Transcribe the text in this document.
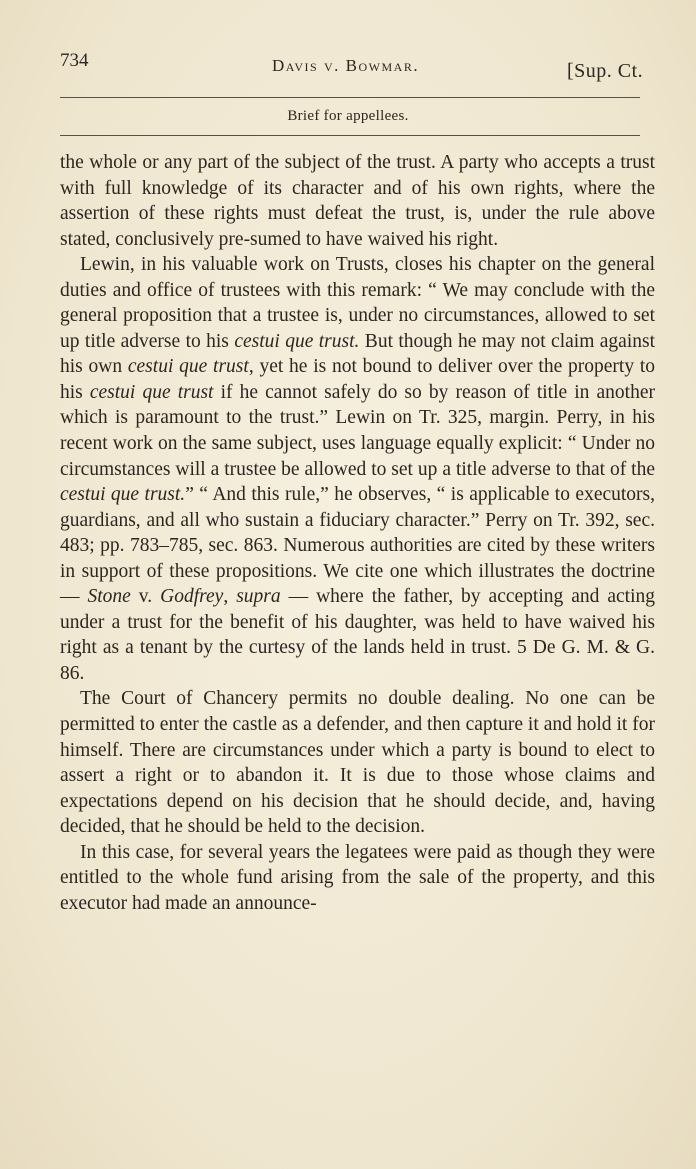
734	Davis v. Bowmar.	[Sup. Ct.
Brief for appellees.

the whole or any part of the subject of the trust. A party who accepts a trust with full knowledge of its character and of his own rights, where the assertion of these rights must defeat the trust, is, under the rule above stated, conclusively pre-sumed to have waived his right.

Lewin, in his valuable work on Trusts, closes his chapter on the general duties and office of trustees with this remark: “ We may conclude with the general proposition that a trustee is, under no circumstances, allowed to set up title adverse to his cestui que trust. But though he may not claim against his own cestui que trust, yet he is not bound to deliver over the property to his cestui que trust if he cannot safely do so by reason of title in another which is paramount to the trust.” Lewin on Tr. 325, margin. Perry, in his recent work on the same subject, uses language equally explicit: “ Under no circumstances will a trustee be allowed to set up a title adverse to that of the cestui que trust.” “ And this rule,” he observes, “ is applicable to executors, guardians, and all who sustain a fiduciary character.” Perry on Tr. 392, sec. 483; pp. 783–785, sec. 863. Numerous authorities are cited by these writers in support of these propositions. We cite one which illustrates the doctrine — Stone v. Godfrey, supra — where the father, by accepting and acting under a trust for the benefit of his daughter, was held to have waived his right as a tenant by the curtesy of the lands held in trust. 5 De G. M. & G. 86.

The Court of Chancery permits no double dealing. No one can be permitted to enter the castle as a defender, and then capture it and hold it for himself. There are circumstances under which a party is bound to elect to assert a right or to abandon it. It is due to those whose claims and expectations depend on his decision that he should decide, and, having decided, that he should be held to the decision.

In this case, for several years the legatees were paid as though they were entitled to the whole fund arising from the sale of the property, and this executor had made an announce-
